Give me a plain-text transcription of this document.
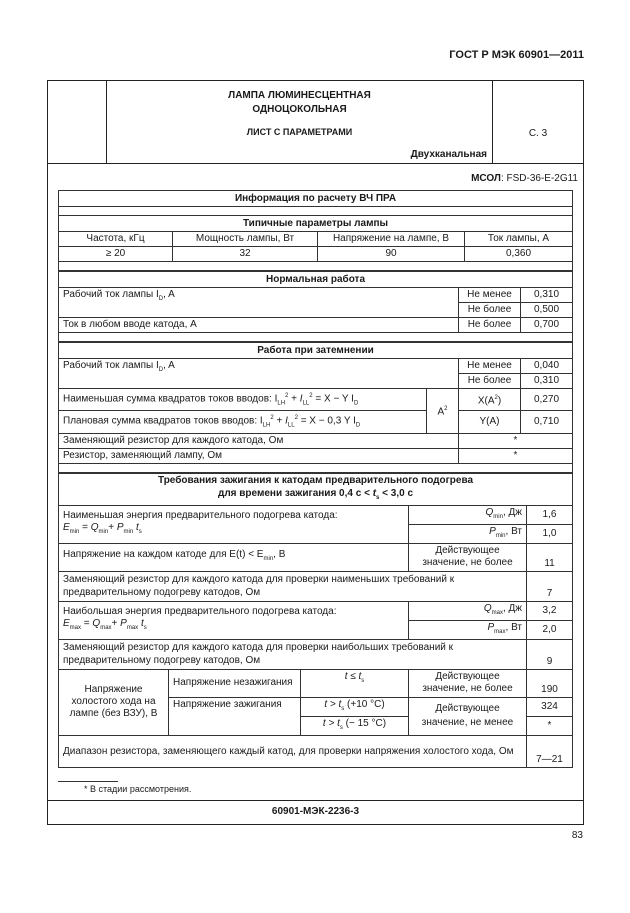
ГОСТ Р МЭК 60901—2011
ЛАМПА ЛЮМИНЕСЦЕНТНАЯ
ОДНОЦОКОЛЬНАЯ
ЛИСТ С ПАРАМЕТРАМИ
Двухканальная
С. 3
МСОЛ: FSD-36-E-2G11
Информация по расчету ВЧ ПРА			

Типичные параметры лампы			
Частота, кГц	Мощность лампы, Вт	Напряжение на лампе, В	Ток лампы, А
≥ 20	32	90	0,360

Нормальная работа		
Рабочий ток лампы $I_D$, A	Не менее	0,310
	Не более	0,500
Ток в любом вводе катода, А	Не более	0,700

Работа при затемнении			
Рабочий ток лампы $I_D$, A		Не менее	0,040
		Не более	0,310
Наименьшая сумма квадратов токов вводов: $I_{LH}^2 + I_{LL}^2 = X - Y$ $I_D$	$A^2$	$X(A^2)$	0,270
Плановая сумма квадратов токов вводов: $I_{LH}^2 + I_{LL}^2 = X - 0,3$ Y $I_D$		Y(A)	0,710
Заменяющий резистор для каждого катода, Ом		*	
Резистор, заменяющий лампу, Ом		*	

Требования зажигания к катодам предварительного подогрева
для времени зажигания 0,4 $с < t_s < 3,0$ с				

Наименьшая энергия предварительного подогрева катода:
$E_{min} = Q_{min}+ P_{min}$ $t_s$			$Q_{min}$, Дж	1,6
			$P_{min}$, Вт	1,0
Напряжение на каждом катоде для $E(t) < E_{min}$, В			Действующее значение, не более	11
Заменяющий резистор для каждого катода для проверки наименьших требований к предварительному подогреву катодов, Ом				7

Наибольшая энергия предварительного подогрева катода:
$E_{max} = Q_{max}+ P_{max}$ $t_s$			$Q_{max}$, Дж	3,2
			$P_{max}$, Вт	2,0
Заменяющий резистор для каждого катода для проверки наибольших требований к предварительному подогреву катодов, Ом				9
Напряжение холостого хода на лампе (без ВЗУ), В	Напряжение незажигания	$t \le t_s$	Действующее значение, не более	190
	Напряжение зажигания	$t > t_s$ (+10 °С)	Действующее значение, не менее	324
		$t > t_s$ (− 15 °С)		*
Диапазон резистора, заменяющего каждый катод, для проверки напряжения холостого хода, Ом				7—21
* В стадии рассмотрения.
60901-МЭК-2236-3
83
